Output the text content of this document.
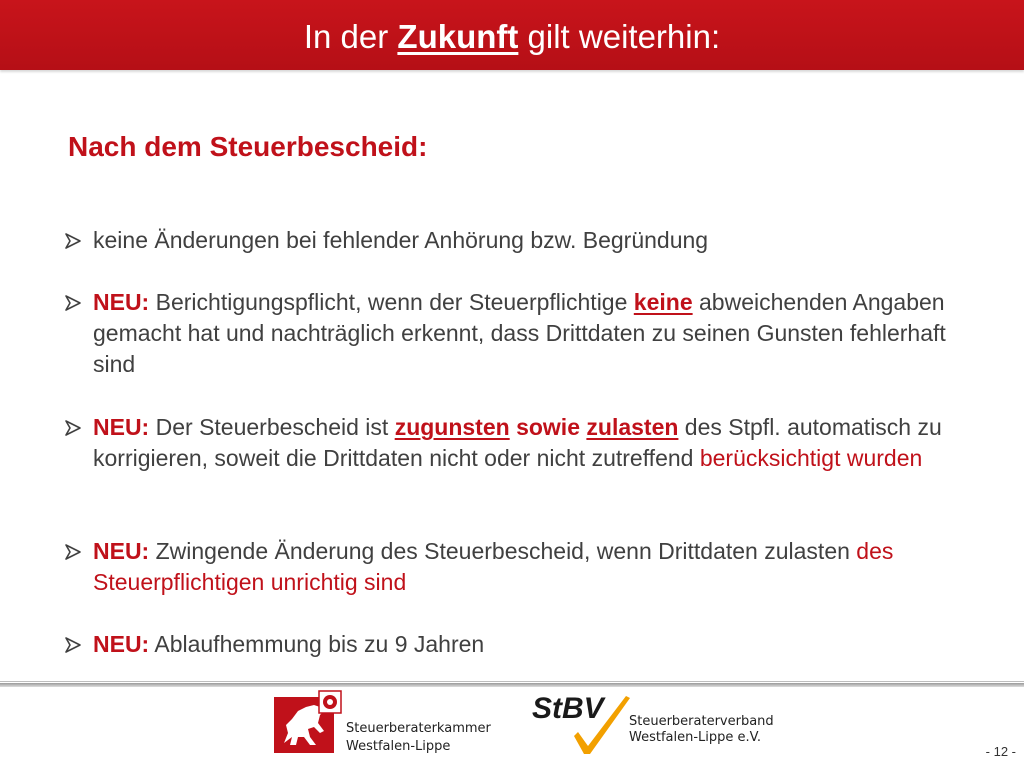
In der Zukunft gilt weiterhin:
Nach dem Steuerbescheid:
keine Änderungen bei fehlender Anhörung bzw. Begründung
NEU: Berichtigungspflicht, wenn der Steuerpflichtige keine abweichenden Angaben gemacht hat und nachträglich erkennt, dass Drittdaten zu seinen Gunsten fehlerhaft sind
NEU: Der Steuerbescheid ist zugunsten sowie zulasten des Stpfl. automatisch zu korrigieren, soweit die Drittdaten nicht oder nicht zutreffend berücksichtigt wurden
NEU: Zwingende Änderung des Steuerbescheid, wenn Drittdaten zulasten des Steuerpflichtigen unrichtig sind
NEU: Ablaufhemmung bis zu 9 Jahren
Steuerberaterkammer
Westfalen-Lippe
StBV Steuerberaterverband
Westfalen-Lippe e.V.
- 12 -
